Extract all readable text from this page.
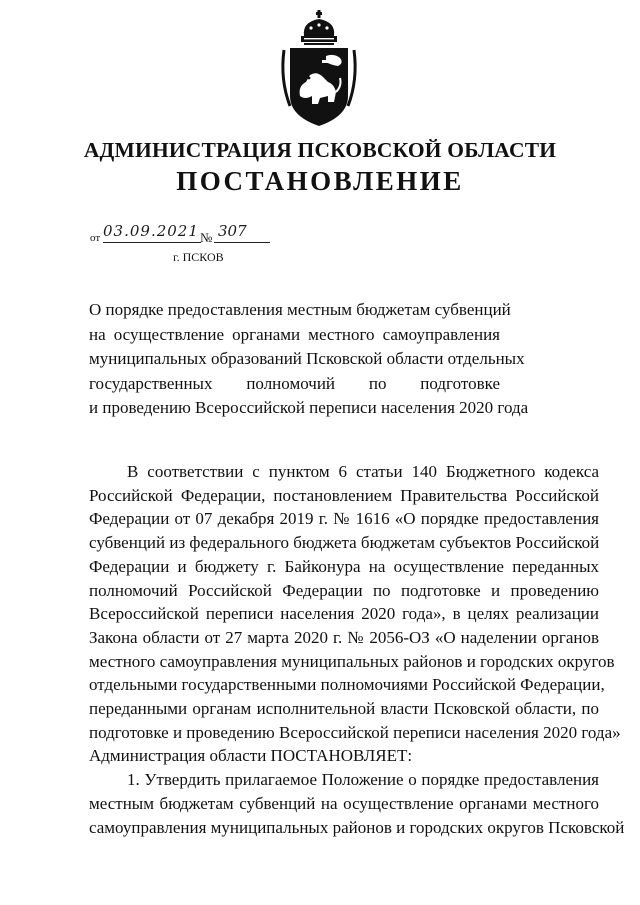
АДМИНИСТРАЦИЯ ПСКОВСКОЙ ОБЛАСТИ
ПОСТАНОВЛЕНИЕ
от 03.09.2021 № 307
г. ПСКОВ
О порядке предоставления местным бюджетам субвенций
на осуществление органами местного самоуправления
муниципальных образований Псковской области отдельных
государственных полномочий по подготовке
и проведению Всероссийской переписи населения 2020 года
В соответствии с пунктом 6 статьи 140 Бюджетного кодекса
Российской Федерации, постановлением Правительства Российской
Федерации от 07 декабря 2019 г. № 1616 «О порядке предоставления
субвенций из федерального бюджета бюджетам субъектов Российской
Федерации и бюджету г. Байконура на осуществление переданных
полномочий Российской Федерации по подготовке и проведению
Всероссийской переписи населения 2020 года», в целях реализации
Закона области от 27 марта 2020 г. № 2056-ОЗ «О наделении органов
местного самоуправления муниципальных районов и городских округов
отдельными государственными полномочиями Российской Федерации,
переданными органам исполнительной власти Псковской области, по
подготовке и проведению Всероссийской переписи населения 2020 года»
Администрация области ПОСТАНОВЛЯЕТ:
1. Утвердить прилагаемое Положение о порядке предоставления
местным бюджетам субвенций на осуществление органами местного
самоуправления муниципальных районов и городских округов Псковской
